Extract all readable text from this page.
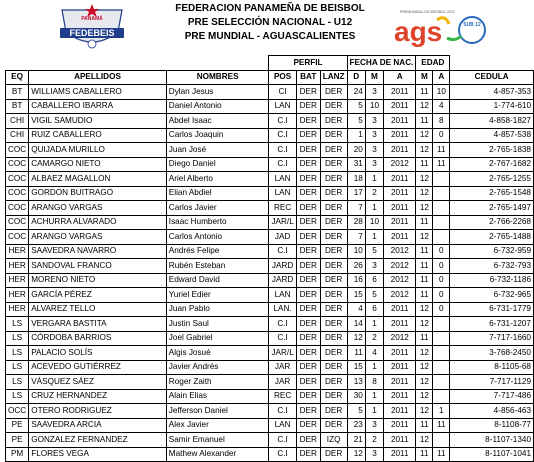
FEDEBEIS
PANAMÁ
FEDERACION PANAMEÑA DE BEISBOL
PRE SELECCIÓN NACIONAL - U12
PRE MUNDIAL - AGUASCALIENTES
PREMUNDIAL DE BEISBOL 2023
ags	SUB 12
			PERFIL			FECHA DE NAC.			EDAD		
EQ	APELLIDOS	NOMBRES	POS	BAT	LANZ	D	M	A	M	A	CEDULA
BT	WILLIAMS CABALLERO	Dylan Jesus	CI	DER	DER	24	3	2011	11	10	4-857-353
BT	CABALLERO IBARRA	Daniel Antonio	LAN	DER	DER	5	10	2011	12	4	1-774-610
CHI	VIGIL SAMUDIO	Abdel Isaac	C.I	DER	DER	5	3	2011	11	8	4-858-1827
CHI	RUIZ CABALLERO	Carlos Joaquin	C.I	DER	DER	1	3	2011	12	0	4-857-538
COC	QUIJADA MURILLO	Juan José	C.I	DER	DER	20	3	2011	12	11	2-765-1838
COC	CAMARGO NIETO	Diego Daniel	C.I	DER	DER	31	3	2012	11	11	2-767-1682
COC	ALBAEZ MAGALLON	Ariel Alberto	LAN	DER	DER	18	1	2011	12		2-765-1255
COC	GORDON BUITRAGO	Elian Abdiel	LAN	DER	DER	17	2	2011	12		2-765-1548
COC	ARANGO VARGAS	Carlos Javier	REC	DER	DER	7	1	2011	12		2-765-1497
COC	ACHURRA ALVARADO	Isaac Humberto	JAR/L	DER	DER	28	10	2011	11		2-766-2268
COC	ARANGO VARGAS	Carlos Antonio	JAD	DER	DER	7	1	2011	12		2-765-1488
HER	SAAVEDRA NAVARRO	Andrés Felipe	C.I	DER	DER	10	5	2012	11	0	6-732-959
HER	SANDOVAL FRANCO	Rubén Esteban	JARD	DER	DER	26	3	2012	11	0	6-732-793
HER	MORENO NIETO	Edward David	JARD	DER	DER	16	6	2012	11	0	6-732-1186
HER	GARCÍA PÉREZ	Yuriel Edier	LAN	DER	DER	15	5	2012	11	0	6-732-965
HER	ALVAREZ TELLO	Juan Pablo	LAN.	DER	DER	4	6	2011	12	0	6-731-1779
LS	VERGARA BASTITA	Justin Saul	C.I	DER	DER	14	1	2011	12		6-731-1207
LS	CÓRDOBA BARRIOS	Joel Gabriel	C.I	DER	DER	12	2	2012	11		7-717-1660
LS	PALACIO SOLÍS	Algis Josué	JAR/L	DER	DER	11	4	2011	12		3-768-2450
LS	ACEVEDO GUTIÉRREZ	Javier Andrés	JAR	DER	DER	15	1	2011	12		8-1105-68
LS	VÁSQUEZ SÁEZ	Roger Zaith	JAR	DER	DER	13	8	2011	12		7-717-1129
LS	CRUZ HERNANDEZ	Alain Elias	REC	DER	DER	30	1	2011	12		7-717-486
OCC	OTERO RODRIGUEZ	Jefferson Daniel	C.I	DER	DER	5	1	2011	12	1	4-856-463
PE	SAAVEDRA ARCIA	Alex Javier	LAN	DER	DER	23	3	2011	11	11	8-1108-77
PE	GONZALEZ FERNANDEZ	Samir Emanuel	C.I	DER	IZQ	21	2	2011	12		8-1107-1340
PM	FLORES VEGA	Mathew Alexander	C.I	DER	DER	12	3	2011	11	11	8-1107-1041
